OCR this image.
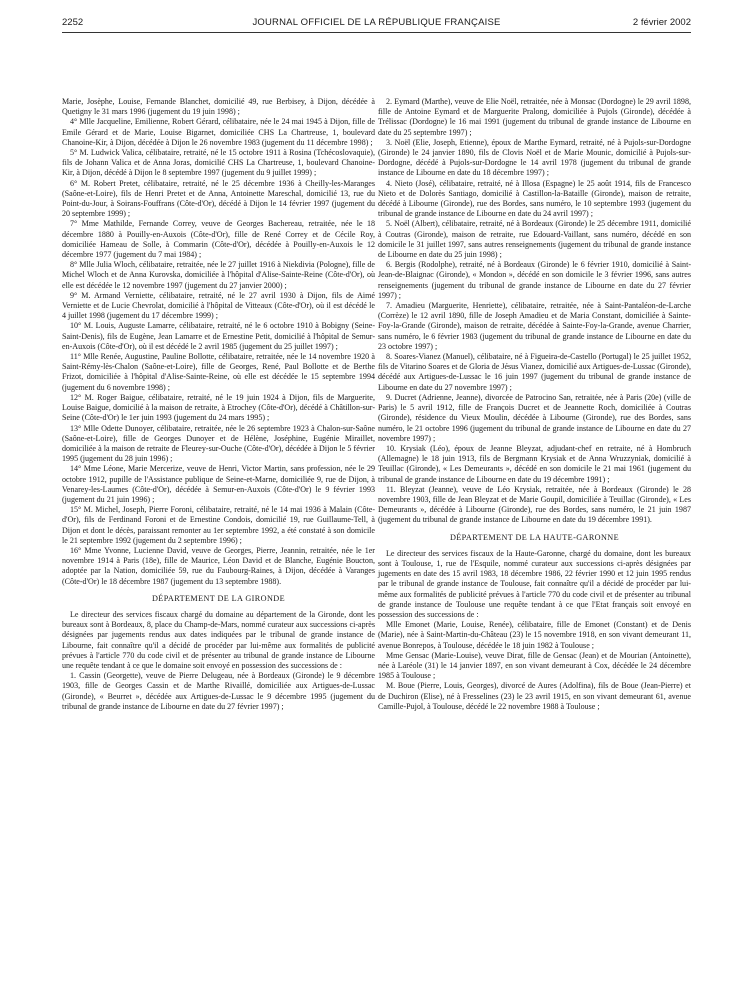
2252	JOURNAL OFFICIEL DE LA RÉPUBLIQUE FRANÇAISE	2 février 2002

Marie, Josèphe, Louise, Fernande Blanchet, domicilié 49, rue Berbisey, à Dijon, décédée à Quetigny le 31 mars 1996 (jugement du 19 juin 1998) ;

4° Mlle Jacqueline, Emilienne, Robert Gérard, célibataire, née le 24 mai 1945 à Dijon, fille de Emile Gérard et de Marie, Louise Bigarnet, domiciliée CHS La Chartreuse, 1, boulevard Chanoine-Kir, à Dijon, décédée à Dijon le 26 novembre 1983 (jugement du 11 décembre 1998) ;

5° M. Ludwick Valica, célibataire, retraité, né le 15 octobre 1911 à Rosina (Tchécoslovaquie), fils de Johann Valica et de Anna Joras, domicilié CHS La Chartreuse, 1, boulevard Chanoine-Kir, à Dijon, décédé à Dijon le 8 septembre 1997 (jugement du 9 juillet 1999) ;

6° M. Robert Pretet, célibataire, retraité, né le 25 décembre 1936 à Cheilly-les-Maranges (Saône-et-Loire), fils de Henri Pretet et de Anna, Antoinette Mareschal, domicilié 13, rue du Point-du-Jour, à Soirans-Fouffrans (Côte-d'Or), décédé à Dijon le 14 février 1997 (jugement du 20 septembre 1999) ;

7° Mme Mathilde, Fernande Correy, veuve de Georges Bachereau, retraitée, née le 18 décembre 1880 à Pouilly-en-Auxois (Côte-d'Or), fille de René Correy et de Cécile Roy, domiciliée Hameau de Solle, à Commarin (Côte-d'Or), décédée à Pouilly-en-Auxois le 12 décembre 1977 (jugement du 7 mai 1984) ;

8° Mlle Julia Wloch, célibataire, retraitée, née le 27 juillet 1916 à Niekdivia (Pologne), fille de Michel Wloch et de Anna Kurovska, domiciliée à l'hôpital d'Alise-Sainte-Reine (Côte-d'Or), où elle est décédée le 12 novembre 1997 (jugement du 27 janvier 2000) ;

9° M. Armand Verniette, célibataire, retraité, né le 27 avril 1930 à Dijon, fils de Aimé Verniette et de Lucie Chevrolat, domicilié à l'hôpital de Vitteaux (Côte-d'Or), où il est décédé le 4 juillet 1998 (jugement du 17 décembre 1999) ;

10° M. Louis, Auguste Lamarre, célibataire, retraité, né le 6 octobre 1910 à Bobigny (Seine-Saint-Denis), fils de Eugène, Jean Lamarre et de Ernestine Petit, domicilié à l'hôpital de Semur-en-Auxois (Côte-d'Or), où il est décédé le 2 avril 1985 (jugement du 25 juillet 1997) ;

11° Mlle Renée, Augustine, Pauline Bollotte, célibataire, retraitée, née le 14 novembre 1920 à Saint-Rémy-lès-Chalon (Saône-et-Loire), fille de Georges, René, Paul Bollotte et de Berthe Frizot, domiciliée à l'hôpital d'Alise-Sainte-Reine, où elle est décédée le 15 septembre 1994 (jugement du 6 novembre 1998) ;

12° M. Roger Baigue, célibataire, retraité, né le 19 juin 1924 à Dijon, fils de Marguerite, Louise Baigue, domicilié à la maison de retraite, à Etrochey (Côte-d'Or), décédé à Châtillon-sur-Seine (Côte-d'Or) le 1er juin 1993 (jugement du 24 mars 1995) ;

13° Mlle Odette Dunoyer, célibataire, retraitée, née le 26 septembre 1923 à Chalon-sur-Saône (Saône-et-Loire), fille de Georges Dunoyer et de Hélène, Joséphine, Eugénie Miraillet, domiciliée à la maison de retraite de Fleurey-sur-Ouche (Côte-d'Or), décédée à Dijon le 5 février 1995 (jugement du 28 juin 1996) ;

14° Mme Léone, Marie Mercerize, veuve de Henri, Victor Martin, sans profession, née le 29 octobre 1912, pupille de l'Assistance publique de Seine-et-Marne, domiciliée 9, rue de Dijon, à Venarey-les-Laumes (Côte-d'Or), décédée à Semur-en-Auxois (Côte-d'Or) le 9 février 1993 (jugement du 21 juin 1996) ;

15° M. Michel, Joseph, Pierre Foroni, célibataire, retraité, né le 14 mai 1936 à Malain (Côte-d'Or), fils de Ferdinand Foroni et de Ernestine Condois, domicilié 19, rue Guillaume-Tell, à Dijon et dont le décès, paraissant remonter au 1er septembre 1992, a été constaté à son domicile le 21 septembre 1992 (jugement du 2 septembre 1996) ;

16° Mme Yvonne, Lucienne David, veuve de Georges, Pierre, Jeannin, retraitée, née le 1er novembre 1914 à Paris (18e), fille de Maurice, Léon David et de Blanche, Eugénie Boucton, adoptée par la Nation, domiciliée 59, rue du Faubourg-Raines, à Dijon, décédée à Varanges (Côte-d'Or) le 18 décembre 1987 (jugement du 13 septembre 1988).

DÉPARTEMENT DE LA GIRONDE

Le directeur des services fiscaux chargé du domaine au département de la Gironde, dont les bureaux sont à Bordeaux, 8, place du Champ-de-Mars, nommé curateur aux successions ci-après désignées par jugements rendus aux dates indiquées par le tribunal de grande instance de Libourne, fait connaître qu'il a décidé de procéder par lui-même aux formalités de publicité prévues à l'article 770 du code civil et de présenter au tribunal de grande instance de Libourne une requête tendant à ce que le domaine soit envoyé en possession des successions de :

1. Cassin (Georgette), veuve de Pierre Delugeau, née à Bordeaux (Gironde) le 9 décembre 1903, fille de Georges Cassin et de Marthe Rivaillé, domiciliée aux Artigues-de-Lussac (Gironde), « Beurret », décédée aux Artigues-de-Lussac le 9 décembre 1995 (jugement du tribunal de grande instance de Libourne en date du 27 février 1997) ;

2. Eymard (Marthe), veuve de Elie Noël, retraitée, née à Monsac (Dordogne) le 29 avril 1898, fille de Antoine Eymard et de Marguerite Pralong, domiciliée à Pujols (Gironde), décédée à Trélissac (Dordogne) le 16 mai 1991 (jugement du tribunal de grande instance de Libourne en date du 25 septembre 1997) ;

3. Noël (Elie, Joseph, Etienne), époux de Marthe Eymard, retraité, né à Pujols-sur-Dordogne (Gironde) le 24 janvier 1890, fils de Clovis Noël et de Marie Mounic, domicilié à Pujols-sur-Dordogne, décédé à Pujols-sur-Dordogne le 14 avril 1978 (jugement du tribunal de grande instance de Libourne en date du 18 décembre 1997) ;

4. Nieto (José), célibataire, retraité, né à Illosa (Espagne) le 25 août 1914, fils de Francesco Nieto et de Dolorès Santiago, domicilié à Castillon-la-Bataille (Gironde), maison de retraite, décédé à Libourne (Gironde), rue des Bordes, sans numéro, le 10 septembre 1993 (jugement du tribunal de grande instance de Libourne en date du 24 avril 1997) ;

5. Noël (Albert), célibataire, retraité, né à Bordeaux (Gironde) le 25 décembre 1911, domicilié à Coutras (Gironde), maison de retraite, rue Edouard-Vaillant, sans numéro, décédé en son domicile le 31 juillet 1997, sans autres renseignements (jugement du tribunal de grande instance de Libourne en date du 25 juin 1998) ;

6. Bergis (Rodolphe), retraité, né à Bordeaux (Gironde) le 6 février 1910, domicilié à Saint-Jean-de-Blaignac (Gironde), « Mondon », décédé en son domicile le 3 février 1996, sans autres renseignements (jugement du tribunal de grande instance de Libourne en date du 27 février 1997) ;

7. Amadieu (Marguerite, Henriette), célibataire, retraitée, née à Saint-Pantaléon-de-Larche (Corrèze) le 12 avril 1890, fille de Joseph Amadieu et de Maria Constant, domiciliée à Sainte-Foy-la-Grande (Gironde), maison de retraite, décédée à Sainte-Foy-la-Grande, avenue Charrier, sans numéro, le 6 février 1983 (jugement du tribunal de grande instance de Libourne en date du 23 octobre 1997) ;

8. Soares-Vianez (Manuel), célibataire, né à Figueira-de-Castello (Portugal) le 25 juillet 1952, fils de Vitarino Soares et de Gloria de Jésus Vianez, domicilié aux Artigues-de-Lussac (Gironde), décédé aux Artigues-de-Lussac le 16 juin 1997 (jugement du tribunal de grande instance de Libourne en date du 27 novembre 1997) ;

9. Ducret (Adrienne, Jeanne), divorcée de Patrocino San, retraitée, née à Paris (20e) (ville de Paris) le 5 avril 1912, fille de François Ducret et de Jeannette Roch, domiciliée à Coutras (Gironde), résidence du Vieux Moulin, décédée à Libourne (Gironde), rue des Bordes, sans numéro, le 21 octobre 1996 (jugement du tribunal de grande instance de Libourne en date du 27 novembre 1997) ;

10. Krysiak (Léo), époux de Jeanne Bleyzat, adjudant-chef en retraite, né à Hombruch (Allemagne) le 18 juin 1913, fils de Bergmann Krysiak et de Anna Wruzzyniak, domicilié à Teuillac (Gironde), « Les Demeurants », décédé en son domicile le 21 mai 1961 (jugement du tribunal de grande instance de Libourne en date du 19 décembre 1991) ;

11. Bleyzat (Jeanne), veuve de Léo Krysiak, retraitée, née à Bordeaux (Gironde) le 28 novembre 1903, fille de Jean Bleyzat et de Marie Goupil, domiciliée à Teuillac (Gironde), « Les Demeurants », décédée à Libourne (Gironde), rue des Bordes, sans numéro, le 21 juin 1987 (jugement du tribunal de grande instance de Libourne en date du 19 décembre 1991).

DÉPARTEMENT DE LA HAUTE-GARONNE

Le directeur des services fiscaux de la Haute-Garonne, chargé du domaine, dont les bureaux sont à Toulouse, 1, rue de l'Esquile, nommé curateur aux successions ci-après désignées par jugements en date des 15 avril 1983, 18 décembre 1986, 22 février 1990 et 12 juin 1995 rendus par le tribunal de grande instance de Toulouse, fait connaître qu'il a décidé de procéder par lui-même aux formalités de publicité prévues à l'article 770 du code civil et de présenter au tribunal de grande instance de Toulouse une requête tendant à ce que l'Etat français soit envoyé en possession des successions de :

Mlle Emonet (Marie, Louise, Renée), célibataire, fille de Emonet (Constant) et de Denis (Marie), née à Saint-Martin-du-Château (23) le 15 novembre 1918, en son vivant demeurant 11, avenue Bonrepos, à Toulouse, décédée le 18 juin 1982 à Toulouse ;

Mme Gensac (Marie-Louise), veuve Dirat, fille de Gensac (Jean) et de Mourian (Antoinette), née à Laréole (31) le 14 janvier 1897, en son vivant demeurant à Cox, décédée le 24 décembre 1985 à Toulouse ;

M. Boue (Pierre, Louis, Georges), divorcé de Aures (Adolfina), fils de Boue (Jean-Pierre) et de Duchiron (Elise), né à Fresselines (23) le 23 avril 1915, en son vivant demeurant 61, avenue Camille-Pujol, à Toulouse, décédé le 22 novembre 1988 à Toulouse ;
